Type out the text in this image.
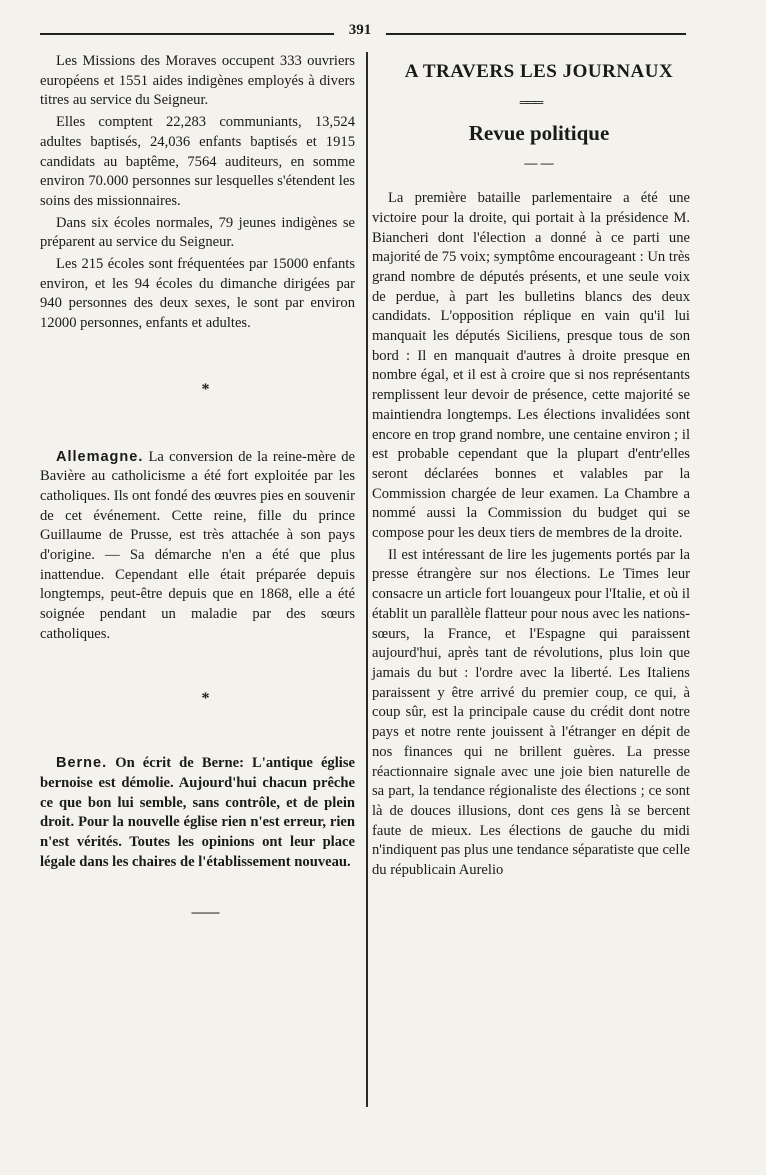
391

Les Missions des Moraves occupent 333 ouvriers européens et 1551 aides indigènes employés à divers titres au service du Seigneur.

Elles comptent 22,283 communiants, 13,524 adultes baptisés, 24,036 enfants baptisés et 1915 candidats au baptême, 7564 auditeurs, en somme environ 70.000 personnes sur lesquelles s'étendent les soins des missionnaires.

Dans six écoles normales, 79 jeunes indigènes se préparent au service du Seigneur.

Les 215 écoles sont fréquentées par 15000 enfants environ, et les 94 écoles du dimanche dirigées par 940 personnes des deux sexes, le sont par environ 12000 personnes, enfants et adultes.

*

Allemagne. La conversion de la reine-mère de Bavière au catholicisme a été fort exploitée par les catholiques. Ils ont fondé des œuvres pies en souvenir de cet événement. Cette reine, fille du prince Guillaume de Prusse, est très attachée à son pays d'origine. — Sa démarche n'en a été que plus inattendue. Cependant elle était préparée depuis longtemps, peut-être depuis que en 1868, elle a été soignée pendant un maladie par des sœurs catholiques.

*

Berne. On écrit de Berne: L'antique église bernoise est démolie. Aujourd'hui chacun prêche ce que bon lui semble, sans contrôle, et de plein droit. Pour la nouvelle église rien n'est erreur, rien n'est vérités. Toutes les opinions ont leur place légale dans les chaires de l'établissement nouveau.

——

A TRAVERS LES JOURNAUX

═══

Revue politique

— —

La première bataille parlementaire a été une victoire pour la droite, qui portait à la présidence M. Biancheri dont l'élection a donné à ce parti une majorité de 75 voix; symptôme encourageant : Un très grand nombre de députés présents, et une seule voix de perdue, à part les bulletins blancs des deux candidats. L'opposition réplique en vain qu'il lui manquait les députés Siciliens, presque tous de son bord : Il en manquait d'autres à droite presque en nombre égal, et il est à croire que si nos représentants remplissent leur devoir de présence, cette majorité se maintiendra longtemps. Les élections invalidées sont encore en trop grand nombre, une centaine environ ; il est probable cependant que la plupart d'entr'elles seront déclarées bonnes et valables par la Commission chargée de leur examen. La Chambre a nommé aussi la Commission du budget qui se compose pour les deux tiers de membres de la droite.

Il est intéressant de lire les jugements portés par la presse étrangère sur nos élections. Le Times leur consacre un article fort louangeux pour l'Italie, et où il établit un parallèle flatteur pour nous avec les nations-sœurs, la France, et l'Espagne qui paraissent aujourd'hui, après tant de révolutions, plus loin que jamais du but : l'ordre avec la liberté. Les Italiens paraissent y être arrivé du premier coup, ce qui, à coup sûr, est la principale cause du crédit dont notre pays et notre rente jouissent à l'étranger en dépit de nos finances qui ne brillent guères. La presse réactionnaire signale avec une joie bien naturelle de sa part, la tendance régionaliste des élections ; ce sont là de douces illusions, dont ces gens là se bercent faute de mieux. Les élections de gauche du midi n'indiquent pas plus une tendance séparatiste que celle du républicain Aurelio
